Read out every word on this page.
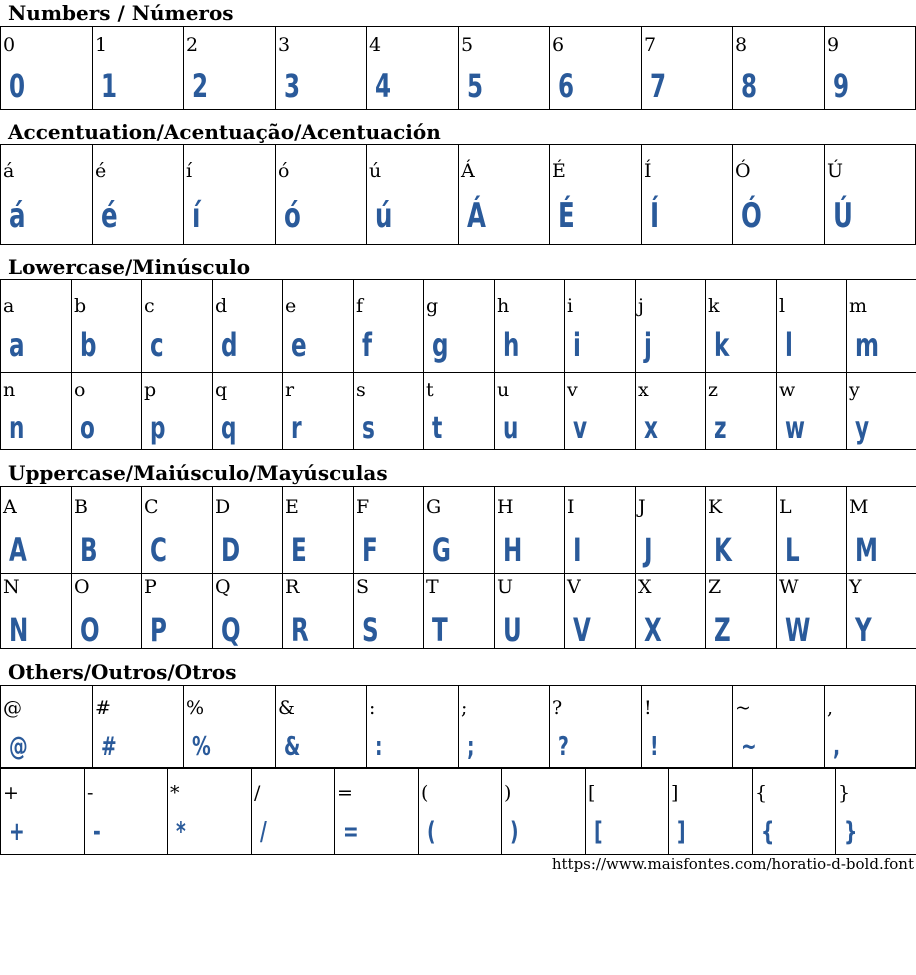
Numbers / Números
0
0
1
1
2
2
3
3
4
4
5
5
6
6
7
7
8
8
9
9
Accentuation/Acentuação/Acentuación
á
á
é
é
í
í
ó
ó
ú
ú
Á
Á
É
É
Í
Í
Ó
Ó
Ú
Ú
Lowercase/Minúsculo
a
a
b
b
c
c
d
d
e
e
f
f
g
g
h
h
i
i
j
j
k
k
l
l
m
m
n
n
o
o
p
p
q
q
r
r
s
s
t
t
u
u
v
v
x
x
z
z
w
w
y
y
Uppercase/Maiúsculo/Mayúsculas
A
A
B
B
C
C
D
D
E
E
F
F
G
G
H
H
I
I
J
J
K
K
L
L
M
M
N
N
O
O
P
P
Q
Q
R
R
S
S
T
T
U
U
V
V
X
X
Z
Z
W
W
Y
Y
Others/Outros/Otros
@
@
#
#
%
%
&
&
:
:
;
;
?
?
!
!
~
~
,
,
+
+
-
-
*
*
/
/
=
=
(
(
)
)
[
[
]
]
{
{
}
}
https://www.maisfontes.com/horatio-d-bold.font
